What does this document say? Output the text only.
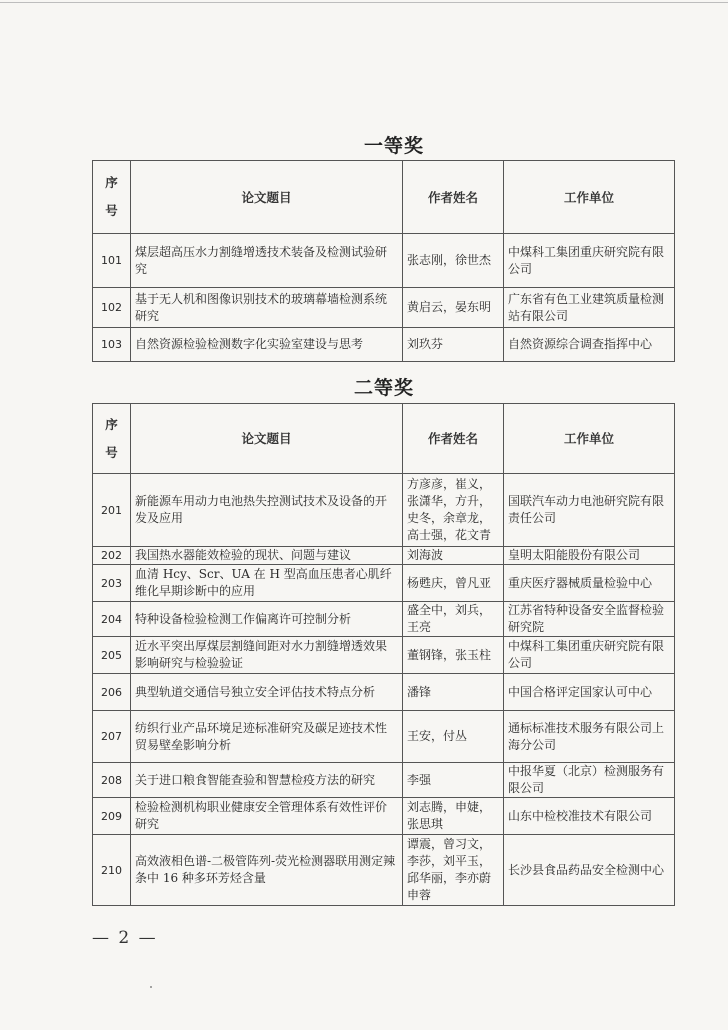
一等奖
序
号	论文题目	作者姓名	工作单位
101	煤层超高压水力割缝增透技术装备及检测试验研究	张志刚，徐世杰	中煤科工集团重庆研究院有限公司
102	基于无人机和图像识别技术的玻璃幕墙检测系统研究	黄启云，晏东明	广东省有色工业建筑质量检测站有限公司
103	自然资源检验检测数字化实验室建设与思考	刘玖芬	自然资源综合调查指挥中心
二等奖
序
号	论文题目	作者姓名	工作单位
201	新能源车用动力电池热失控测试技术及设备的开发及应用	方彦彦，崔义，张潇华，方升，史冬，余章龙，高士强，花文青	国联汽车动力电池研究院有限责任公司
202	我国热水器能效检验的现状、问题与建议	刘海波	皇明太阳能股份有限公司
203	血清 Hcy、Scr、UA 在 H 型高血压患者心肌纤维化早期诊断中的应用	杨甦庆，曾凡亚	重庆医疗器械质量检验中心
204	特种设备检验检测工作偏离许可控制分析	盛全中，刘兵，王亮	江苏省特种设备安全监督检验研究院
205	近水平突出厚煤层割缝间距对水力割缝增透效果影响研究与检验验证	董钢锋，张玉柱	中煤科工集团重庆研究院有限公司
206	典型轨道交通信号独立安全评估技术特点分析	潘锋	中国合格评定国家认可中心
207	纺织行业产品环境足迹标准研究及碳足迹技术性贸易壁垒影响分析	王安，付丛	通标标准技术服务有限公司上海分公司
208	关于进口粮食智能查验和智慧检疫方法的研究	李强	中报华夏（北京）检测服务有限公司
209	检验检测机构职业健康安全管理体系有效性评价研究	刘志腾，申婕，张思琪	山东中检校准技术有限公司
210	高效液相色谱-二极管阵列-荧光检测器联用测定辣条中 16 种多环芳烃含量	谭震，曾习文，李莎，刘平玉，邱华丽，李亦蔚申蓉	长沙县食品药品安全检测中心
— 2 —
